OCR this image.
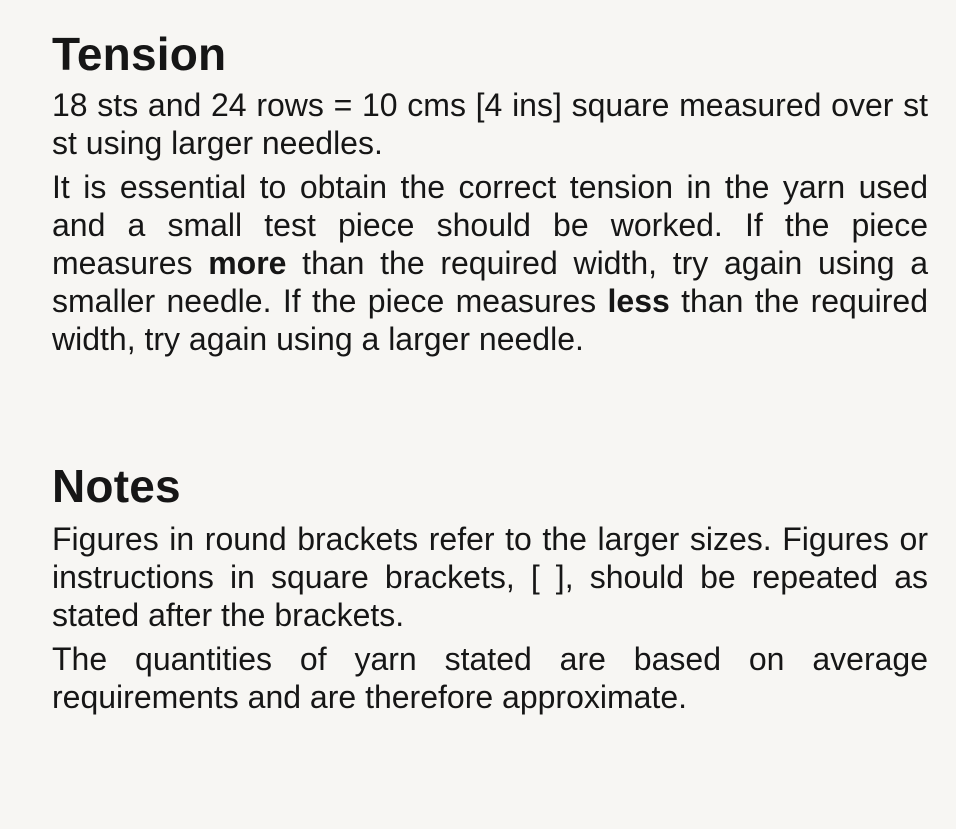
Tension

18 sts and 24 rows = 10 cms [4 ins] square measured over st st using larger needles.

It is essential to obtain the correct tension in the yarn used and a small test piece should be worked. If the piece measures more than the required width, try again using a smaller needle. If the piece measures less than the required width, try again using a larger needle.

Notes

Figures in round brackets refer to the larger sizes. Figures or instructions in square brackets, [ ], should be repeated as stated after the brackets.

The quantities of yarn stated are based on average requirements and are therefore approximate.
